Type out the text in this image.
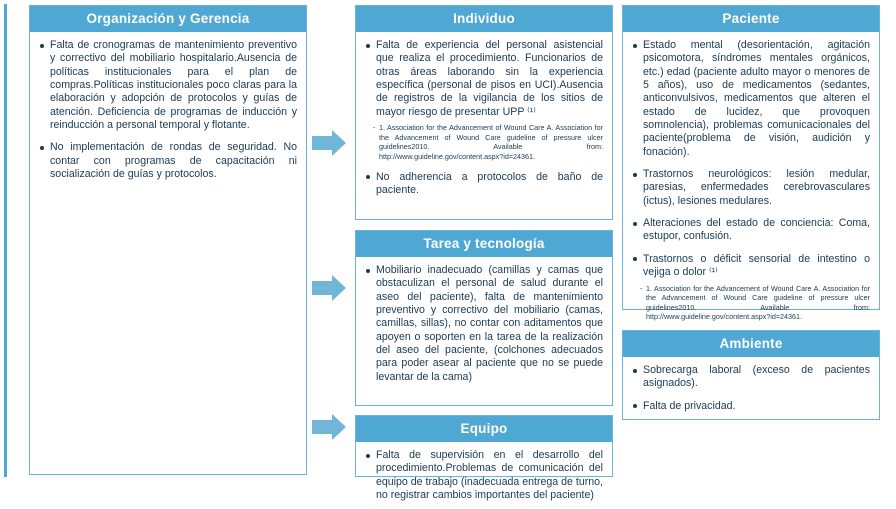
Organización y Gerencia
Falta de cronogramas de mantenimiento preventivo y correctivo del mobiliario hospitalario.Ausencia de políticas institucionales para el plan de compras.Políticas institucionales poco claras para la elaboración y adopción de protocolos y guías de atención. Deficiencia de programas de inducción y reinducción a personal temporal y flotante.
No implementación de rondas de seguridad. No contar con programas de capacitación ni socialización de guías y protocolos.
Individuo
Falta de experiencia del personal asistencial que realiza el procedimiento. Funcionarios de otras áreas laborando sin la experiencia específica (personal de pisos en UCI).Ausencia de registros de la vigilancia de los sitios de mayor riesgo de presentar UPP ⁽¹⁾
- 1. Association for the Advancement of Wound Care A. Association for the Advancement of Wound Care guideline of pressure ulcer guidelines2010. Available from: http://www.guideline.gov/content.aspx?id=24361.
No adherencia a protocolos de baño de paciente.
Tarea y tecnología
Mobiliario inadecuado (camillas y camas que obstaculizan el personal de salud durante el aseo del paciente), falta de mantenimiento preventivo y correctivo del mobiliario (camas, camillas, sillas), no contar con aditamentos que apoyen o soporten en la tarea de la realización del aseo del paciente, (colchones adecuados para poder asear al paciente que no se puede levantar de la cama)
Equipo
Falta de supervisión en el desarrollo del procedimiento.Problemas de comunicación del equipo de trabajo (inadecuada entrega de turno, no registrar cambios importantes del paciente)
Paciente
Estado mental (desorientación, agitación psicomotora, síndromes mentales orgánicos, etc.) edad (paciente adulto mayor o menores de 5 años), uso de medicamentos (sedantes, anticonvulsivos, medicamentos que alteren el estado de lucidez, que provoquen somnolencia), problemas comunicacionales del paciente(problema de visión, audición y fonación).
Trastornos neurológicos: lesión medular, paresias, enfermedades cerebrovasculares (ictus), lesiones medulares.
Alteraciones del estado de conciencia: Coma, estupor, confusión.
Trastornos o déficit sensorial de intestino o vejiga o dolor ⁽¹⁾
- 1. Association for the Advancement of Wound Care A. Association for the Advancement of Wound Care guideline of pressure ulcer guidelines2010. Available from: http://www.guideline.gov/content.aspx?id=24361.
Ambiente
Sobrecarga laboral (exceso de pacientes asignados).
Falta de privacidad.
